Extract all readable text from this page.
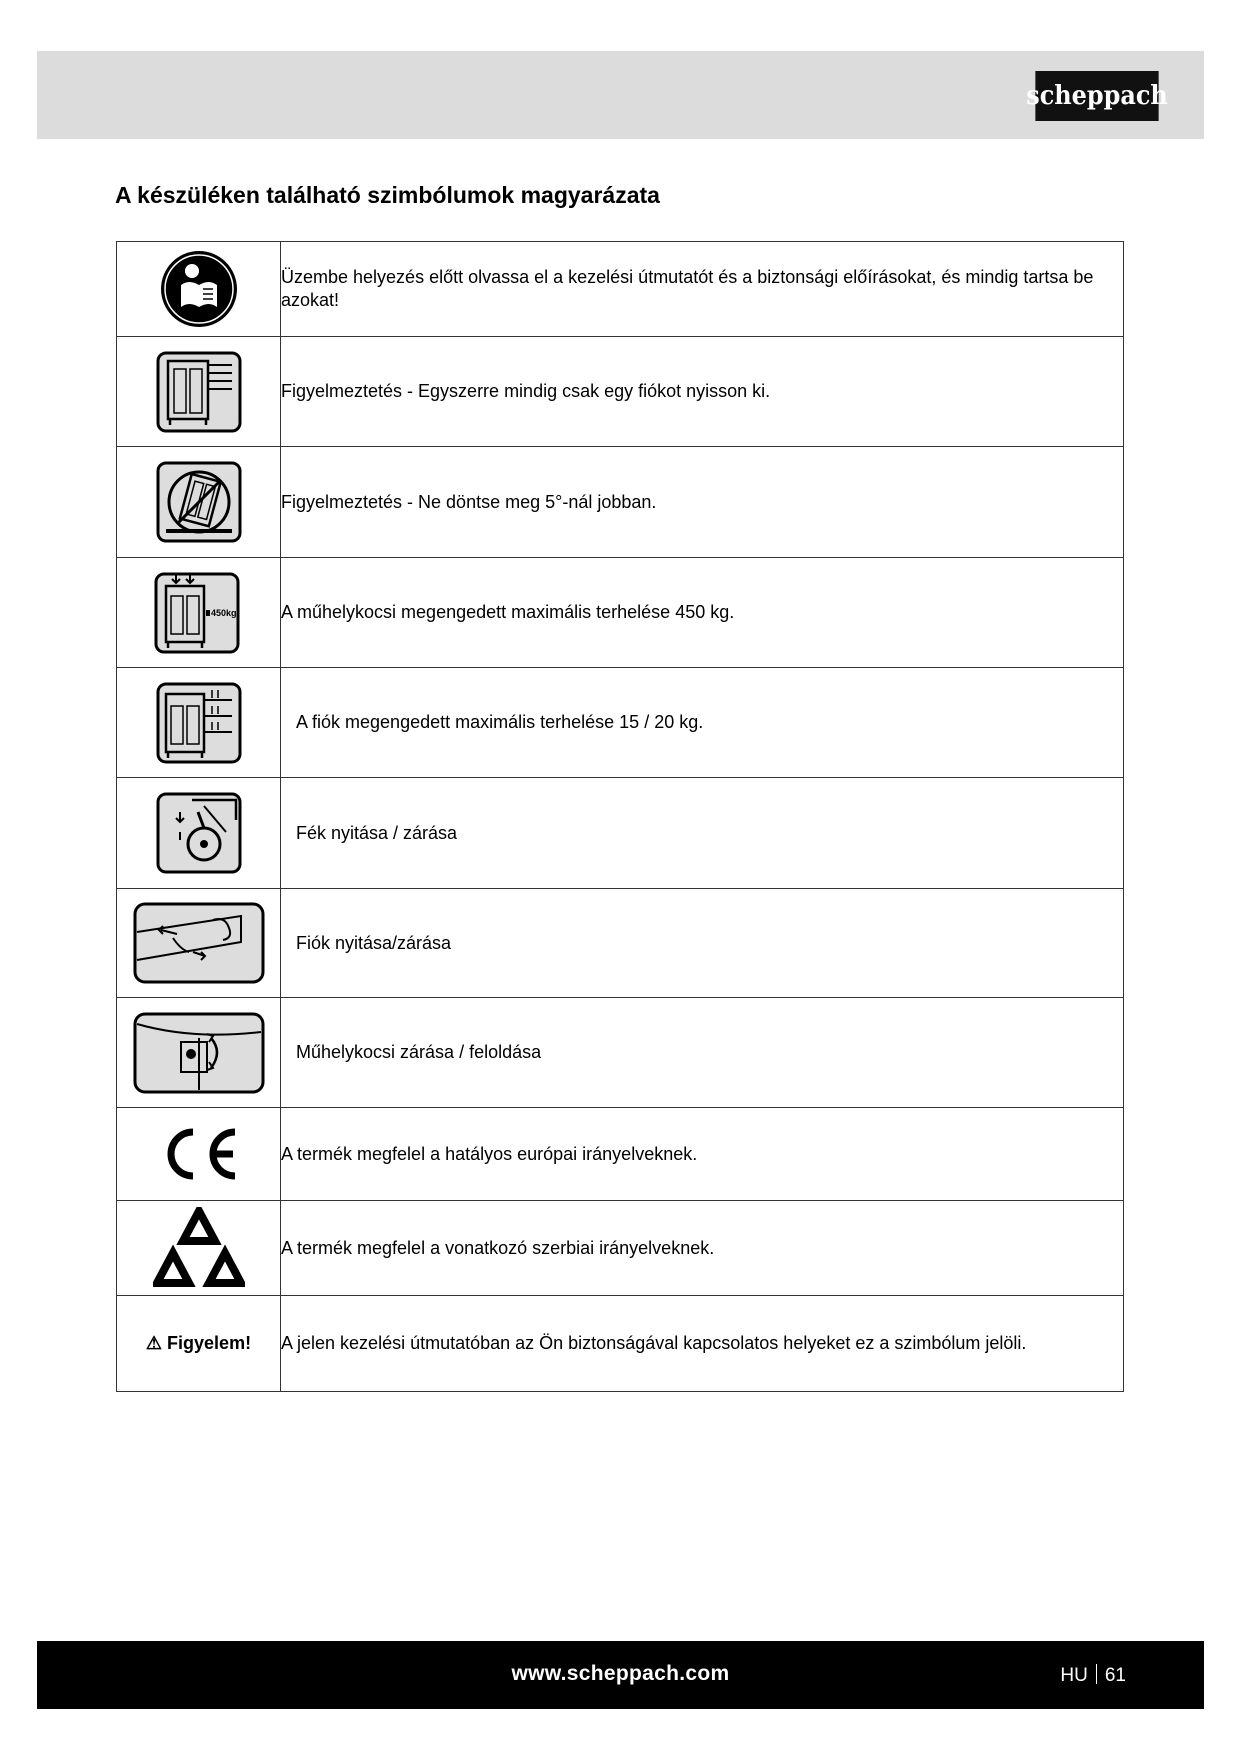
scheppach
A készüléken található szimbólumok magyarázata
	Üzembe helyezés előtt olvassa el a kezelési útmutatót és a biztonsági előírásokat, és mindig tartsa be azokat!

	Figyelmeztetés - Egyszerre mindig csak egy fiókot nyisson ki.

	Figyelmeztetés - Ne döntse meg 5°-nál jobban.

450kg	A műhelykocsi megengedett maximális terhelése 450 kg.

	A fiók megengedett maximális terhelése 15 / 20 kg.

	Fék nyitása / zárása

	Fiók nyitása/zárása

	Műhelykocsi zárása / feloldása

	A termék megfelel a hatályos európai irányelveknek.

	A termék megfelel a vonatkozó szerbiai irányelveknek.
⚠ Figyelem!	A jelen kezelési útmutatóban az Ön biztonságával kapcsolatos helyeket ez a szimbólum jelöli.
www.scheppach.com	HU 61
